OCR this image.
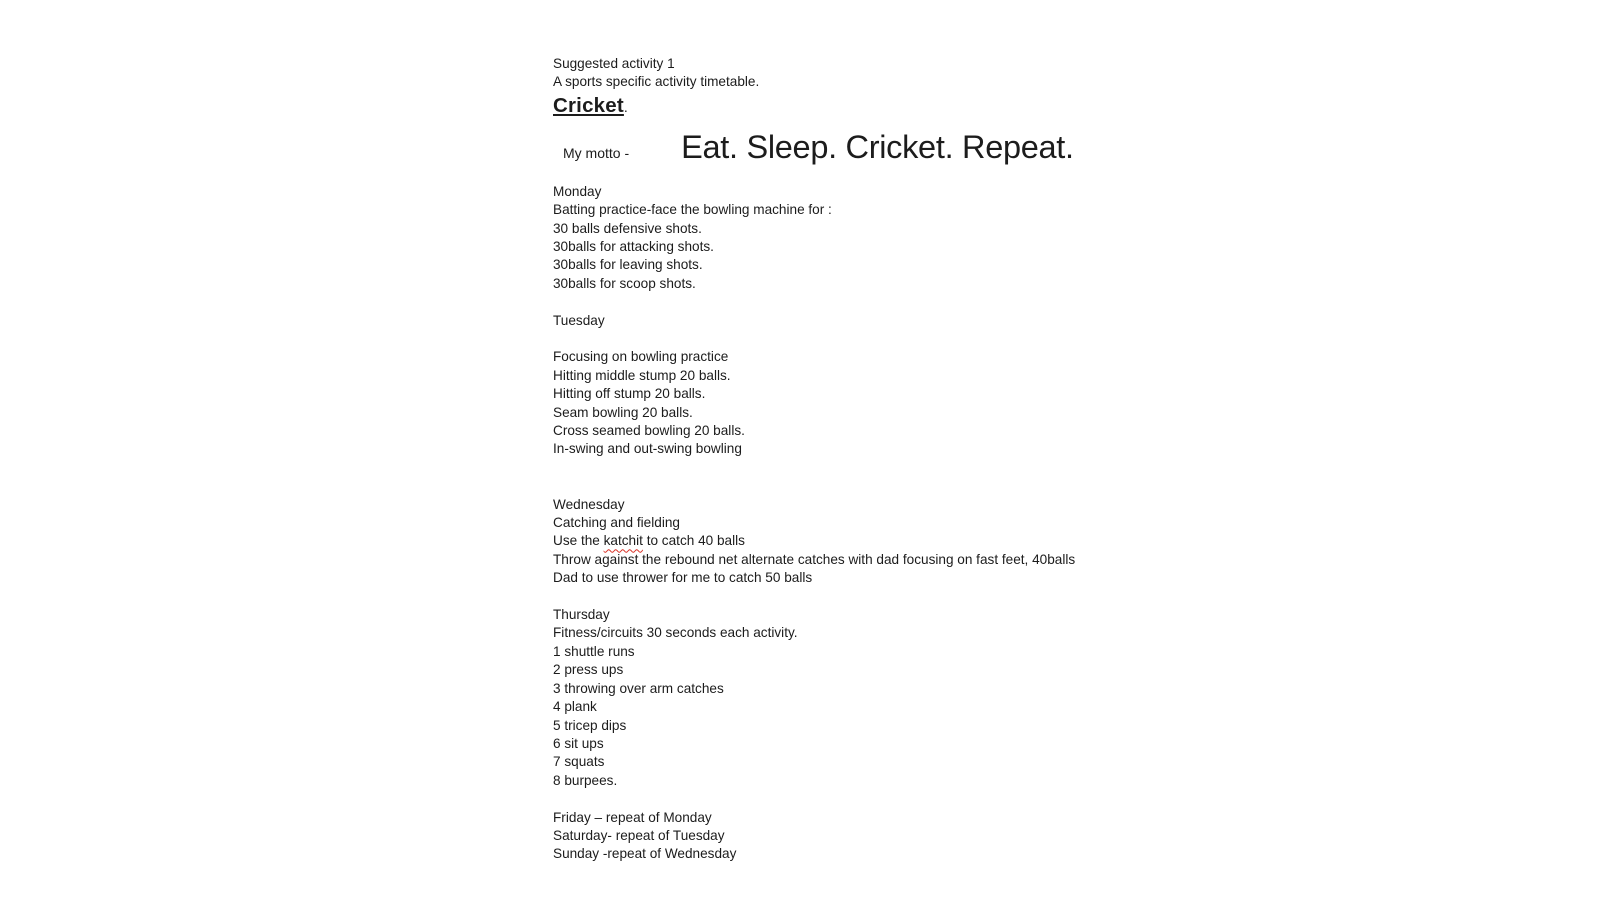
Suggested activity 1
A sports specific activity timetable.
Cricket.
My motto - Eat. Sleep. Cricket. Repeat.
Monday
Batting practice-face the bowling machine for :
30 balls defensive shots.
30balls for attacking shots.
30balls for leaving shots.
30balls for scoop shots.
Tuesday
Focusing on bowling practice
Hitting middle stump 20 balls.
Hitting off stump 20 balls.
Seam bowling 20 balls.
Cross seamed bowling 20 balls.
In-swing and out-swing bowling
Wednesday
Catching and fielding
Use the katchit to catch 40 balls
Throw against the rebound net alternate catches with dad focusing on fast feet, 40balls
Dad to use thrower for me to catch 50 balls
Thursday
Fitness/circuits 30 seconds each activity.
1 shuttle runs
2 press ups
3 throwing over arm catches
4 plank
5 tricep dips
6 sit ups
7 squats
8 burpees.
Friday – repeat of Monday
Saturday- repeat of Tuesday
Sunday -repeat of Wednesday
